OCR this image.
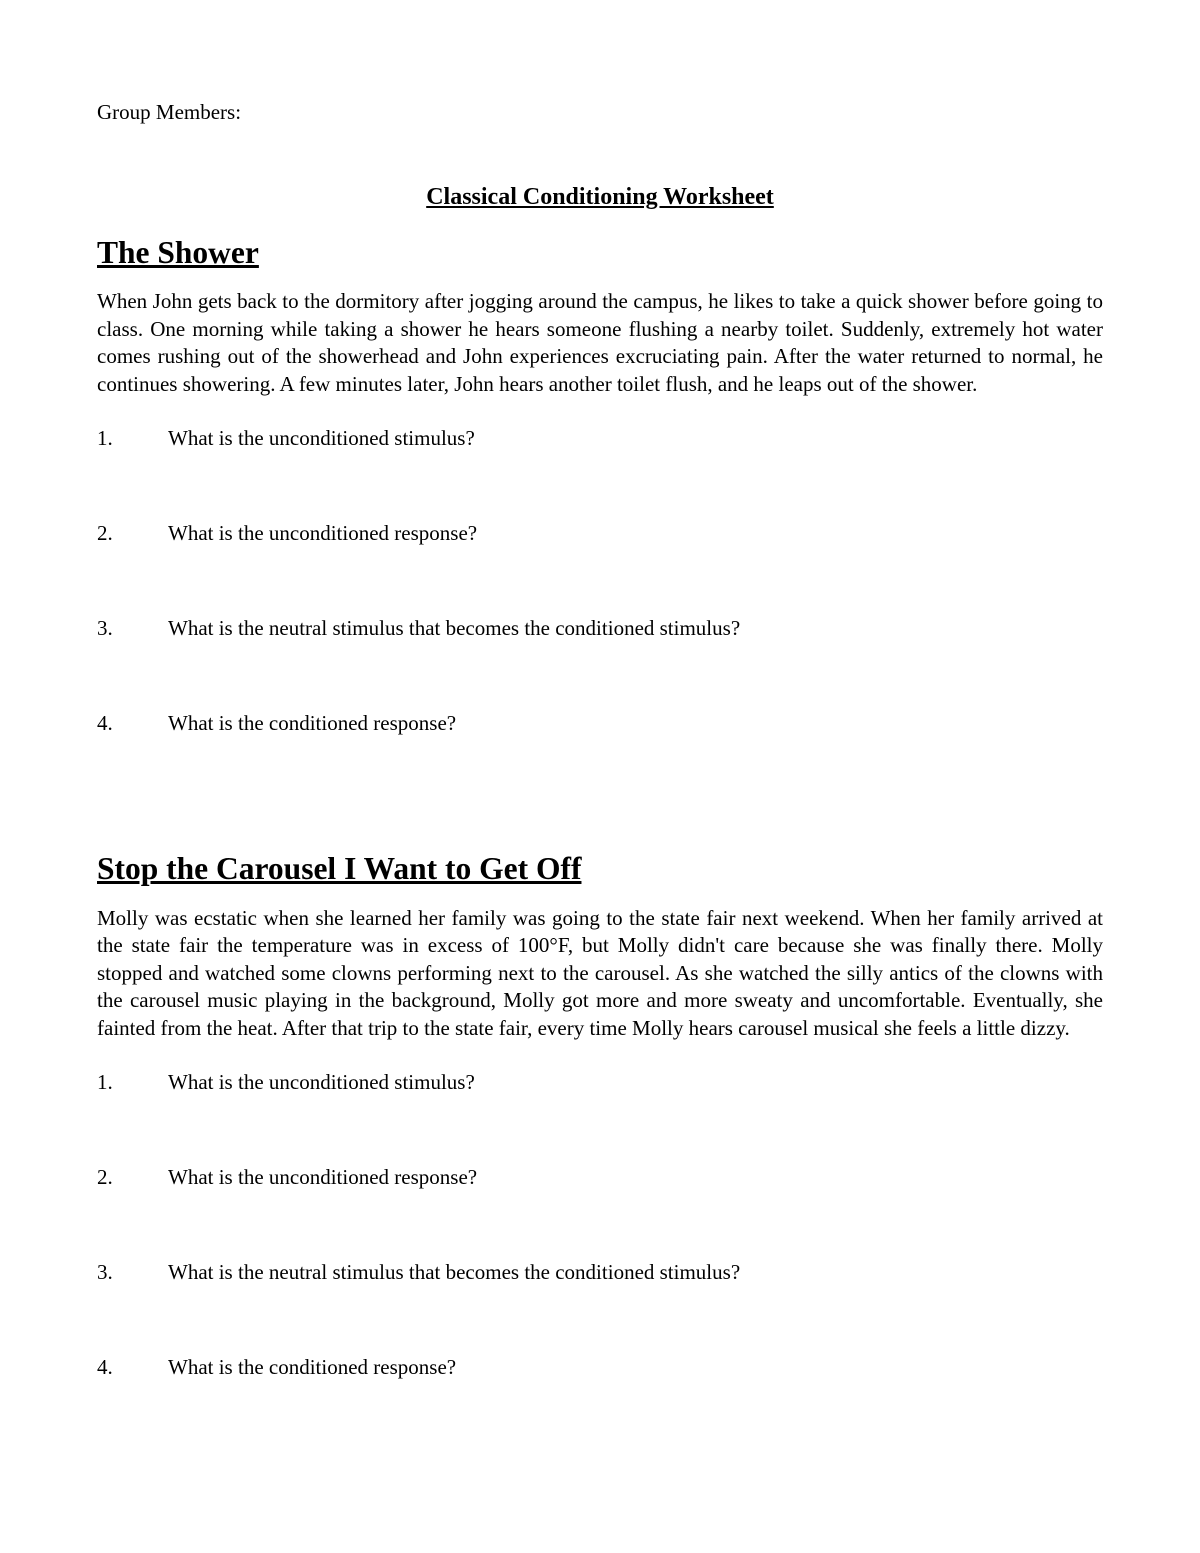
Group Members:

Classical Conditioning Worksheet
The Shower

When John gets back to the dormitory after jogging around the campus, he likes to take a quick shower before going to class. One morning while taking a shower he hears someone flushing a nearby toilet. Suddenly, extremely hot water comes rushing out of the showerhead and John experiences excruciating pain. After the water returned to normal, he continues showering. A few minutes later, John hears another toilet flush, and he leaps out of the shower.

1.	What is the unconditioned stimulus?
2.	What is the unconditioned response?
3.	What is the neutral stimulus that becomes the conditioned stimulus?
4.	What is the conditioned response?
Stop the Carousel I Want to Get Off

Molly was ecstatic when she learned her family was going to the state fair next weekend. When her family arrived at the state fair the temperature was in excess of 100°F, but Molly didn't care because she was finally there. Molly stopped and watched some clowns performing next to the carousel. As she watched the silly antics of the clowns with the carousel music playing in the background, Molly got more and more sweaty and uncomfortable. Eventually, she fainted from the heat. After that trip to the state fair, every time Molly hears carousel musical she feels a little dizzy.

1.	What is the unconditioned stimulus?
2.	What is the unconditioned response?
3.	What is the neutral stimulus that becomes the conditioned stimulus?
4.	What is the conditioned response?
